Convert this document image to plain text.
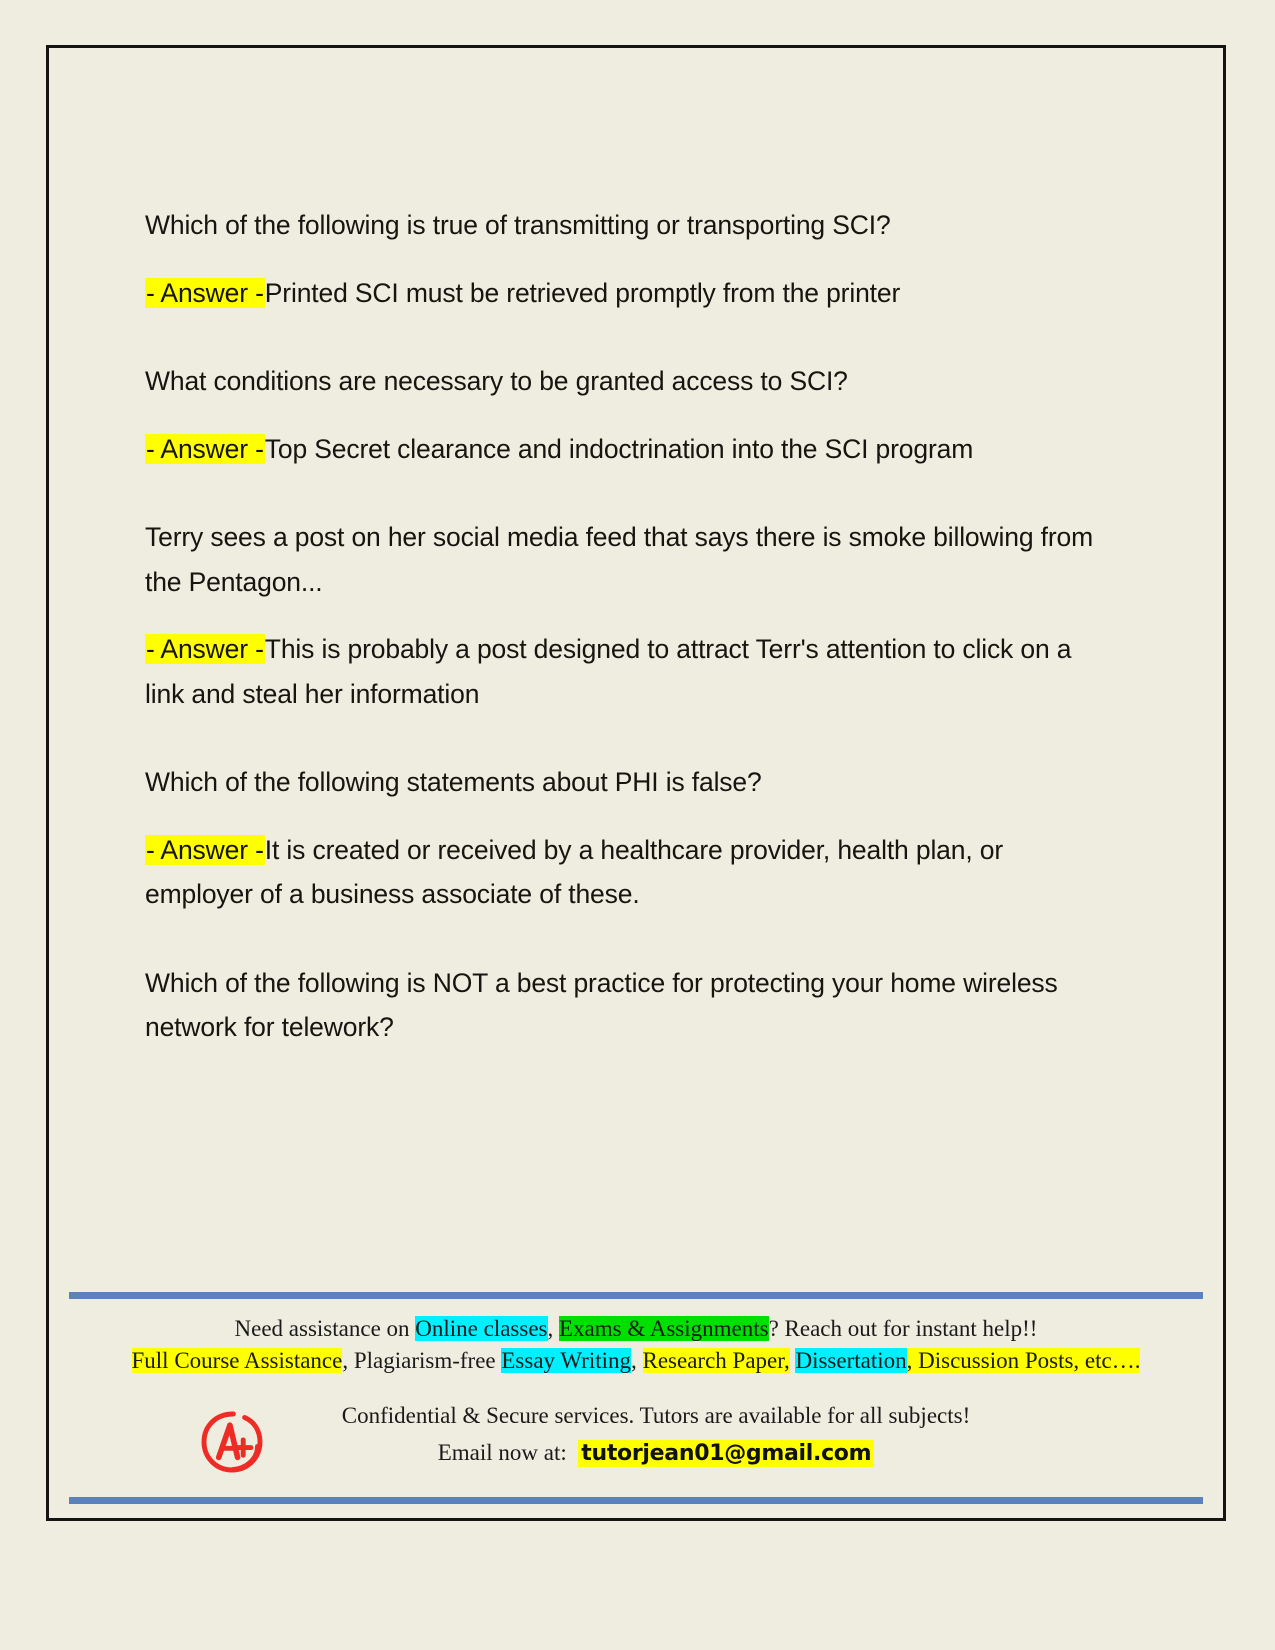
Which of the following is true of transmitting or transporting SCI?

- Answer -Printed SCI must be retrieved promptly from the printer

What conditions are necessary to be granted access to SCI?

- Answer -Top Secret clearance and indoctrination into the SCI program

Terry sees a post on her social media feed that says there is smoke billowing from the Pentagon...

- Answer -This is probably a post designed to attract Terr's attention to click on a link and steal her information

Which of the following statements about PHI is false?

- Answer -It is created or received by a healthcare provider, health plan, or employer of a business associate of these.

Which of the following is NOT a best practice for protecting your home wireless network for telework?

Need assistance on Online classes, Exams & Assignments? Reach out for instant help!!
Full Course Assistance, Plagiarism-free Essay Writing, Research Paper, Dissertation, Discussion Posts, etc….
Confidential & Secure services. Tutors are available for all subjects!
Email now at: tutorjean01@gmail.com
